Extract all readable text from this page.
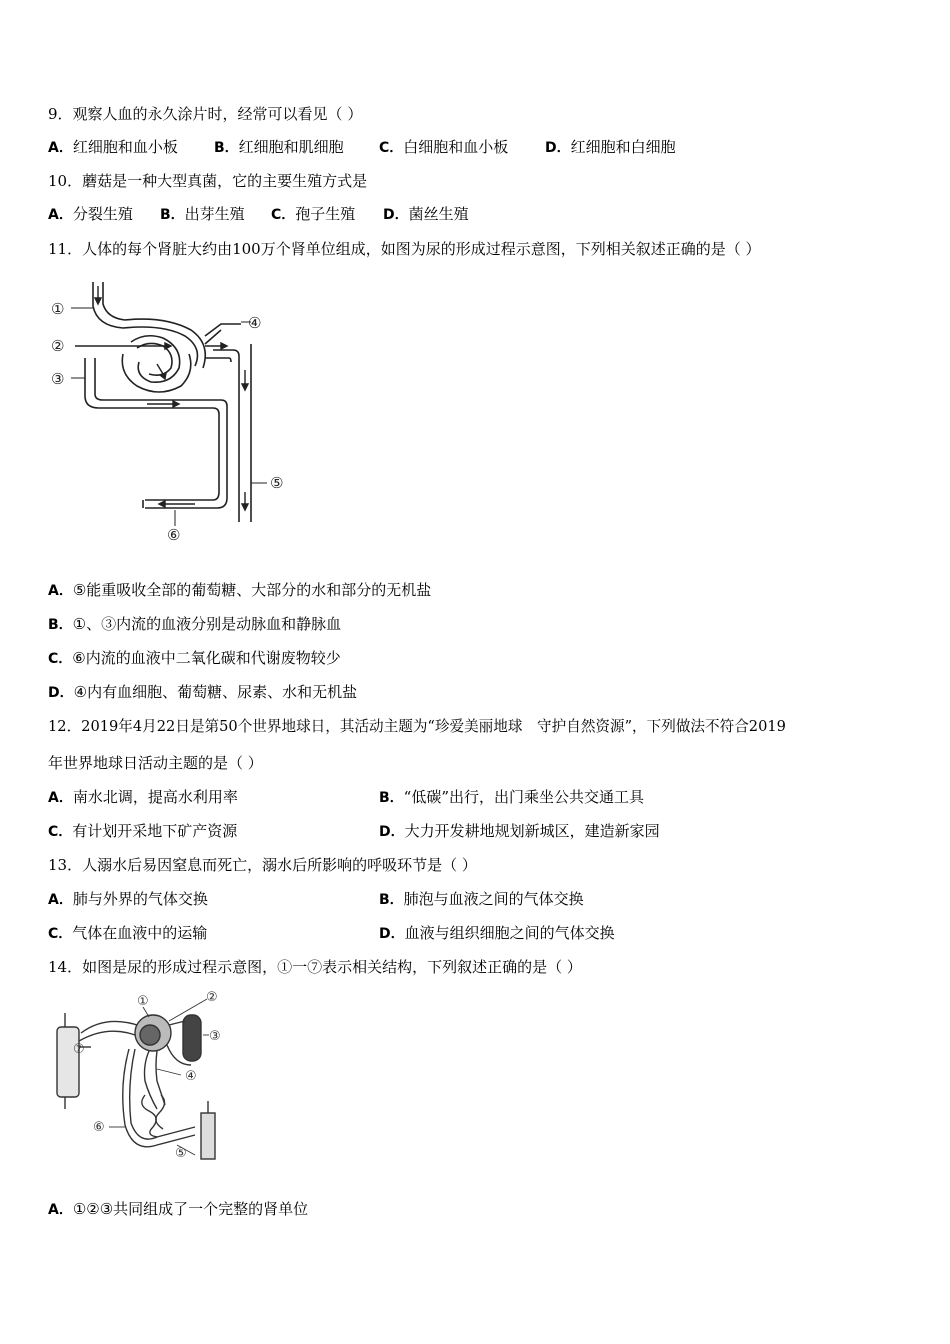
9．观察人血的永久涂片时，经常可以看见（ ）
A．红细胞和血小板	B．红细胞和肌细胞	C．白细胞和血小板	D．红细胞和白细胞
10．蘑菇是一种大型真菌，它的主要生殖方式是
A．分裂生殖 B．出芽生殖 C．孢子生殖 D．菌丝生殖
11．人体的每个肾脏大约由100万个肾单位组成，如图为尿的形成过程示意图，下列相关叙述正确的是（ ）
①
②
③
④
⑤
⑥
A．⑤能重吸收全部的葡萄糖、大部分的水和部分的无机盐
B．①、③内流的血液分别是动脉血和静脉血
C．⑥内流的血液中二氧化碳和代谢废物较少
D．④内有血细胞、葡萄糖、尿素、水和无机盐
12．2019年4月22日是第50个世界地球日，其活动主题为“珍爱美丽地球　守护自然资源”，下列做法不符合2019
年世界地球日活动主题的是（ ）
A．南水北调，提高水利用率	B．“低碳”出行，出门乘坐公共交通工具
C．有计划开采地下矿产资源	D．大力开发耕地规划新城区，建造新家园
13．人溺水后易因窒息而死亡，溺水后所影响的呼吸环节是（ ）
A．肺与外界的气体交换	B．肺泡与血液之间的气体交换
C．气体在血液中的运输	D．血液与组织细胞之间的气体交换
14．如图是尿的形成过程示意图，①一⑦表示相关结构，下列叙述正确的是（ ）
①	②
③
④
⑤
⑥
⑦
A．①②③共同组成了一个完整的肾单位
